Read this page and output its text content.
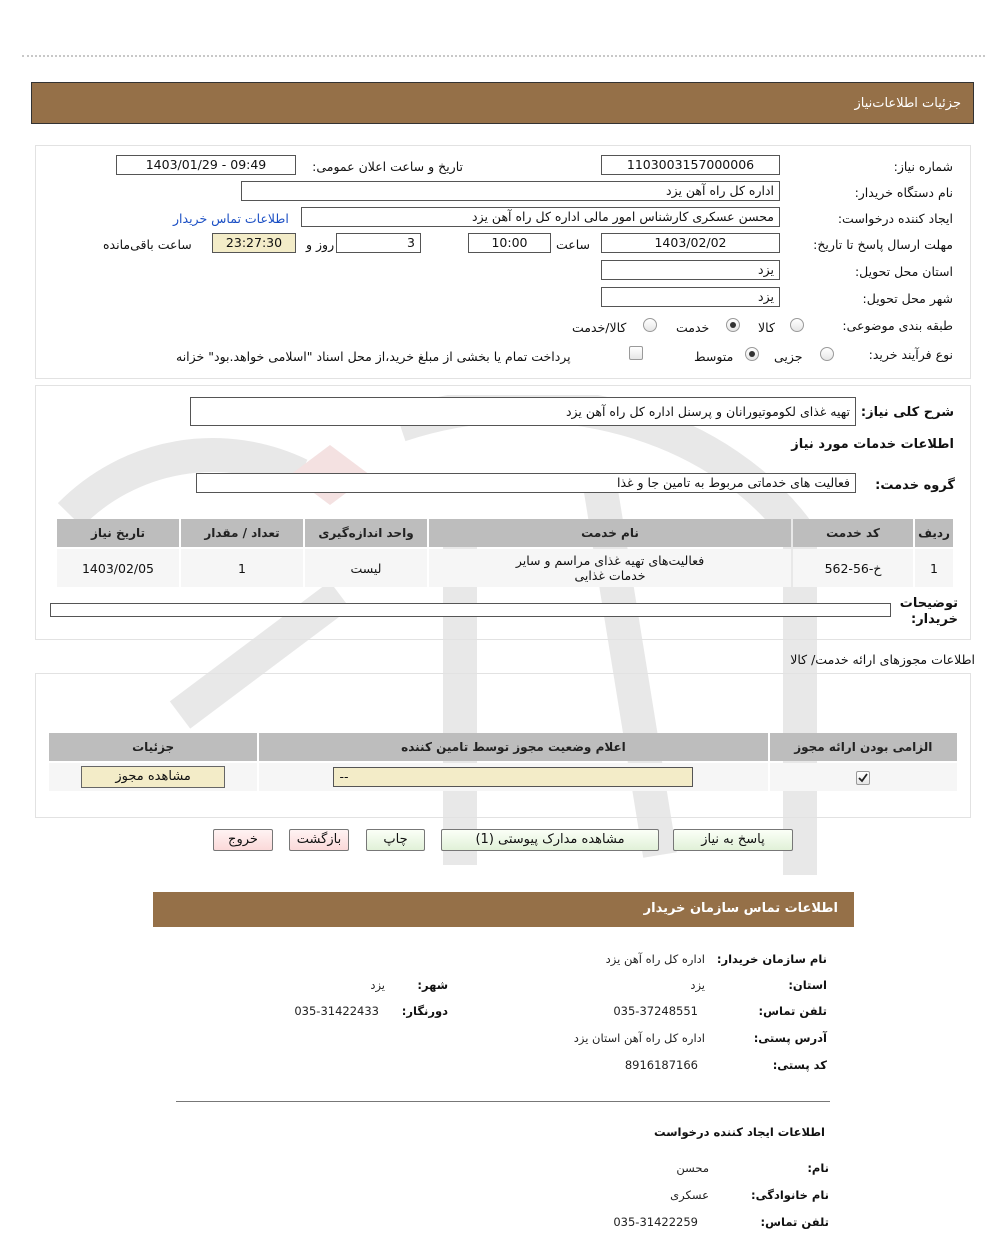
جزئیات اطلاعات‌نیاز
شماره نیاز:
1103003157000006
تاریخ و ساعت اعلان عمومی:
1403/01/29 - 09:49
نام دستگاه خریدار:
اداره کل راه آهن یزد
ایجاد کننده درخواست:
محسن عسکری کارشناس امور مالی اداره کل راه آهن یزد
اطلاعات تماس خریدار
مهلت ارسال پاسخ تا تاریخ:
1403/02/02
ساعت
10:00
3
روز و
23:27:30
ساعت باقی‌مانده
استان محل تحویل:
یزد
شهر محل تحویل:
یزد
طبقه بندی موضوعی:
کالا
خدمت
کالا/خدمت
نوع فرآیند خرید:
جزیی
متوسط
پرداخت تمام یا بخشی از مبلغ خرید،از محل اسناد "اسلامی خواهد.بود" خزانه
شرح کلی نیاز:
تهیه غذای لکوموتیورانان و پرسنل اداره کل راه آهن یزد
اطلاعات خدمات مورد نیاز
گروه خدمت:
فعالیت های خدماتی مربوط به تامین جا و غذا
تاریخ نیاز	تعداد / مقدار	واحد اندازه‌گیری	نام خدمت	کد خدمت	ردیف
1403/02/05	1	لیست	فعالیت‌های تهیه غذای مراسم و سایر خدمات غذایی	خ-56-562	1
توضیحات خریدار:
اطلاعات مجوزهای ارائه خدمت/ کالا
جزئیات	اعلام وضعیت مجوز توسط تامین کننده	الزامی بودن ارائه مجوز

مشاهده مجوز	--

پاسخ به نیاز
مشاهده مدارک پیوستی (1)
چاپ
بازگشت
خروج
اطلاعات تماس سازمان خریدار
نام سازمان خریدار:
اداره کل راه آهن یزد
استان:
یزد
شهر:
یزد
تلفن تماس:
035-37248551
دورنگار:
035-31422433
آدرس پستی:
اداره کل راه آهن استان یزد
کد پستی:
8916187166
اطلاعات ایجاد کننده درخواست
نام:
محسن
نام خانوادگی:
عسکری
تلفن تماس:
035-31422259
